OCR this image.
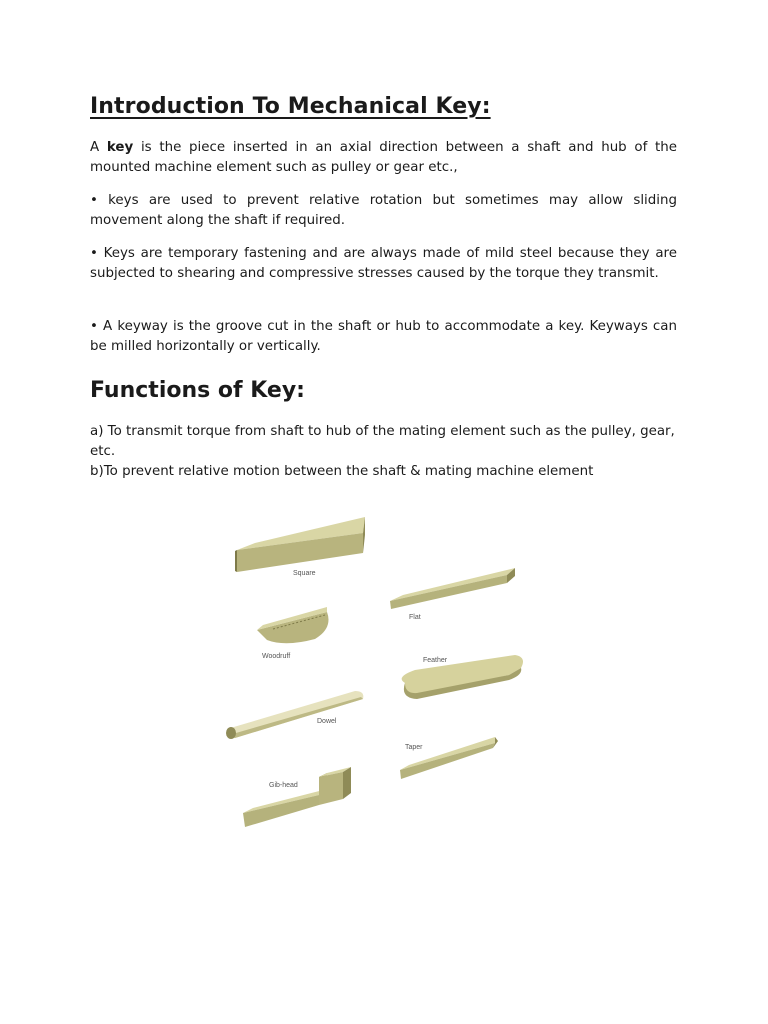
Introduction To Mechanical Key:

A key is the piece inserted in an axial direction between a shaft and hub of the mounted machine element such as pulley or gear etc.,

• keys are used to prevent relative rotation but sometimes may allow sliding movement along the shaft if required.

• Keys are temporary fastening and are always made of mild steel because they are subjected to shearing and compressive stresses caused by the torque they transmit.

• A keyway is the groove cut in the shaft or hub to accommodate a key. Keyways can be milled horizontally or vertically.

Functions of Key:

a) To transmit torque from shaft to hub of the mating element such as the pulley, gear, etc.
b)To prevent relative motion between the shaft & mating machine element

Square
Flat
Woodruff
Feather
Dowel
Taper
Gib-head
